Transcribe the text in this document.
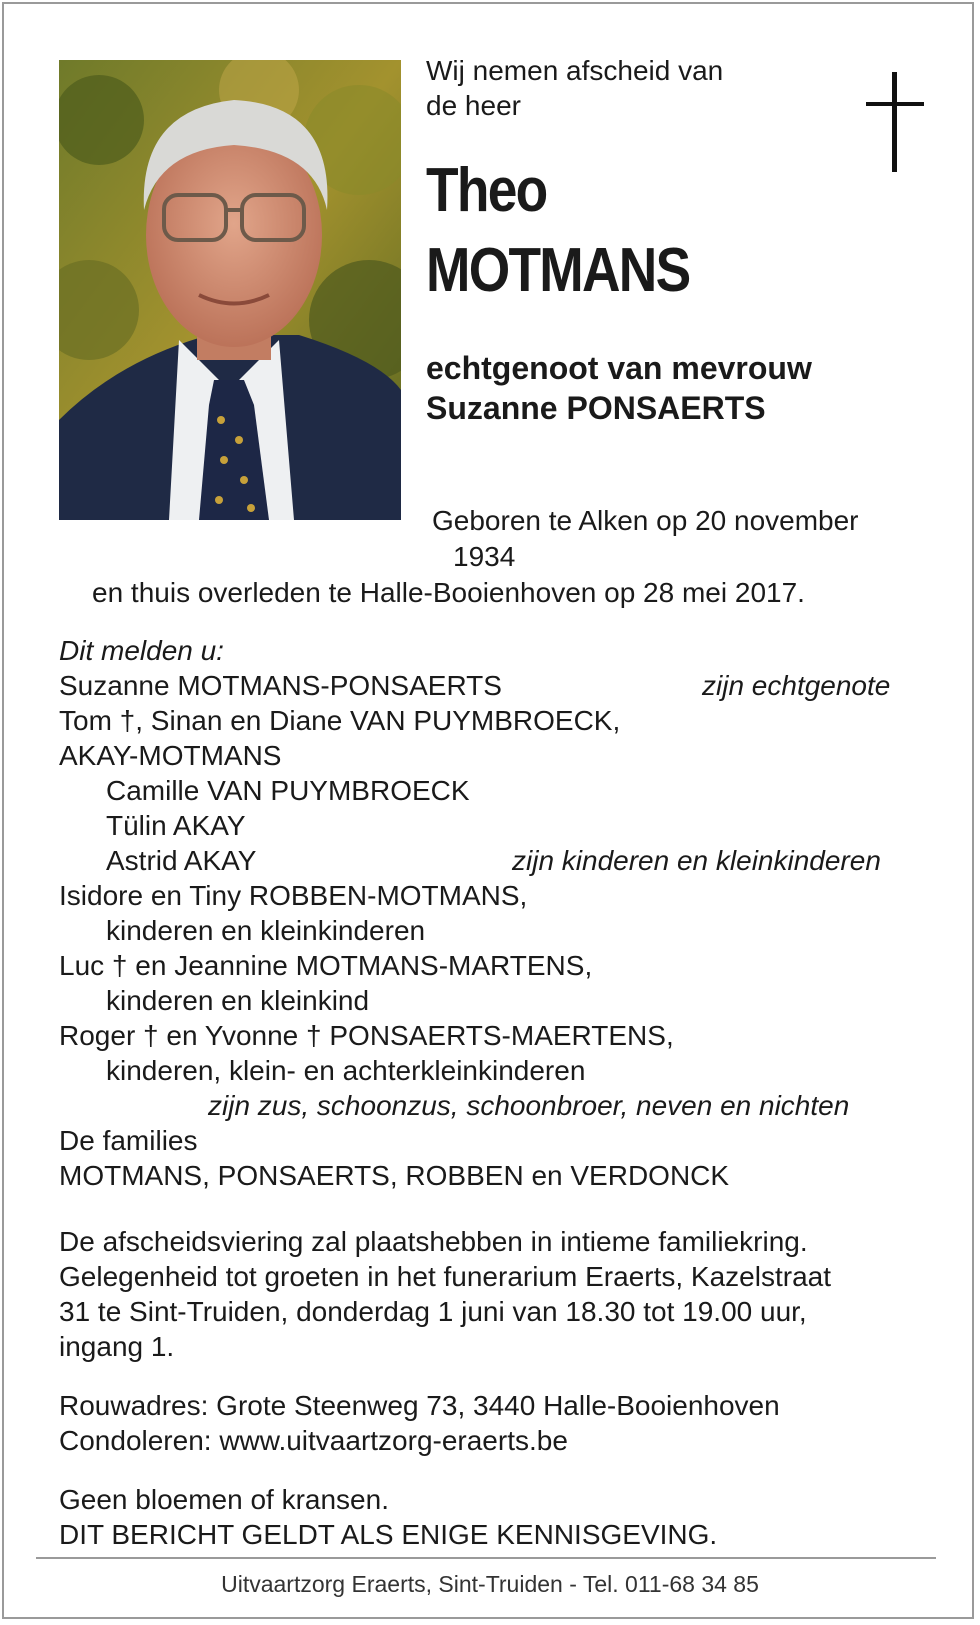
Wij nemen afscheid van
de heer
Theo
MOTMANS
echtgenoot van mevrouw
Suzanne PONSAERTS
Geboren te Alken op 20 november
1934
en thuis overleden te Halle-Booienhoven op 28 mei 2017.
Dit melden u:
Suzanne MOTMANS-PONSAERTS	zijn echtgenote
Tom †, Sinan en Diane VAN PUYMBROECK,
AKAY-MOTMANS
Camille VAN PUYMBROECK
Tülin AKAY
Astrid AKAY	zijn kinderen en kleinkinderen
Isidore en Tiny ROBBEN-MOTMANS,
kinderen en kleinkinderen
Luc † en Jeannine MOTMANS-MARTENS,
kinderen en kleinkind
Roger † en Yvonne † PONSAERTS-MAERTENS,
kinderen, klein- en achterkleinkinderen
zijn zus, schoonzus, schoonbroer, neven en nichten
De families
MOTMANS, PONSAERTS, ROBBEN en VERDONCK
De afscheidsviering zal plaatshebben in intieme familiekring.
Gelegenheid tot groeten in het funerarium Eraerts, Kazelstraat
31 te Sint-Truiden, donderdag 1 juni van 18.30 tot 19.00 uur,
ingang 1.
Rouwadres: Grote Steenweg 73, 3440 Halle-Booienhoven
Condoleren: www.uitvaartzorg-eraerts.be
Geen bloemen of kransen.
DIT BERICHT GELDT ALS ENIGE KENNISGEVING.
Uitvaartzorg Eraerts, Sint-Truiden - Tel. 011-68 34 85
